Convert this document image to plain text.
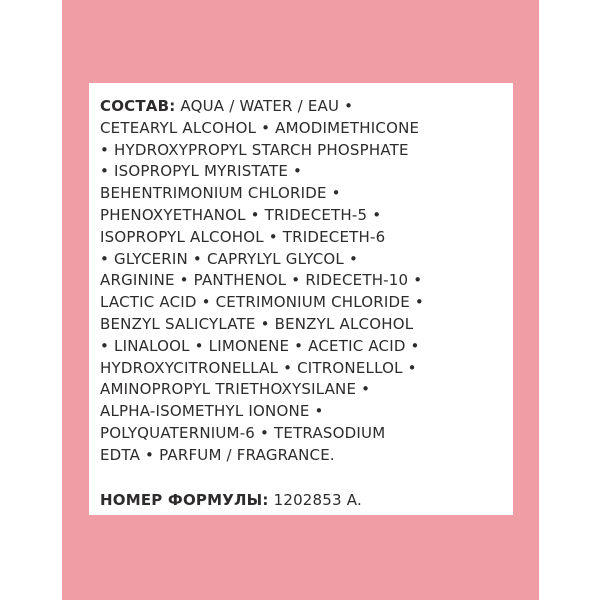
СОСТАВ: AQUA / WATER / EAU •
CETEARYL ALCOHOL • AMODIMETHICONE
• HYDROXYPROPYL STARCH PHOSPHATE
• ISOPROPYL MYRISTATE •
BEHENTRIMONIUM CHLORIDE •
PHENOXYETHANOL • TRIDECETH-5 •
ISOPROPYL ALCOHOL • TRIDECETH-6
• GLYCERIN • CAPRYLYL GLYCOL •
ARGININE • PANTHENOL • RIDECETH-10 •
LACTIC ACID • CETRIMONIUM CHLORIDE •
BENZYL SALICYLATE • BENZYL ALCOHOL
• LINALOOL • LIMONENE • ACETIC ACID •
HYDROXYCITRONELLAL • CITRONELLOL •
AMINOPROPYL TRIETHOXYSILANE •
ALPHA-ISOMETHYL IONONE •
POLYQUATERNIUM-6 • TETRASODIUM
EDTA • PARFUM / FRAGRANCE.

НОМЕР ФОРМУЛЫ: 1202853 A.
